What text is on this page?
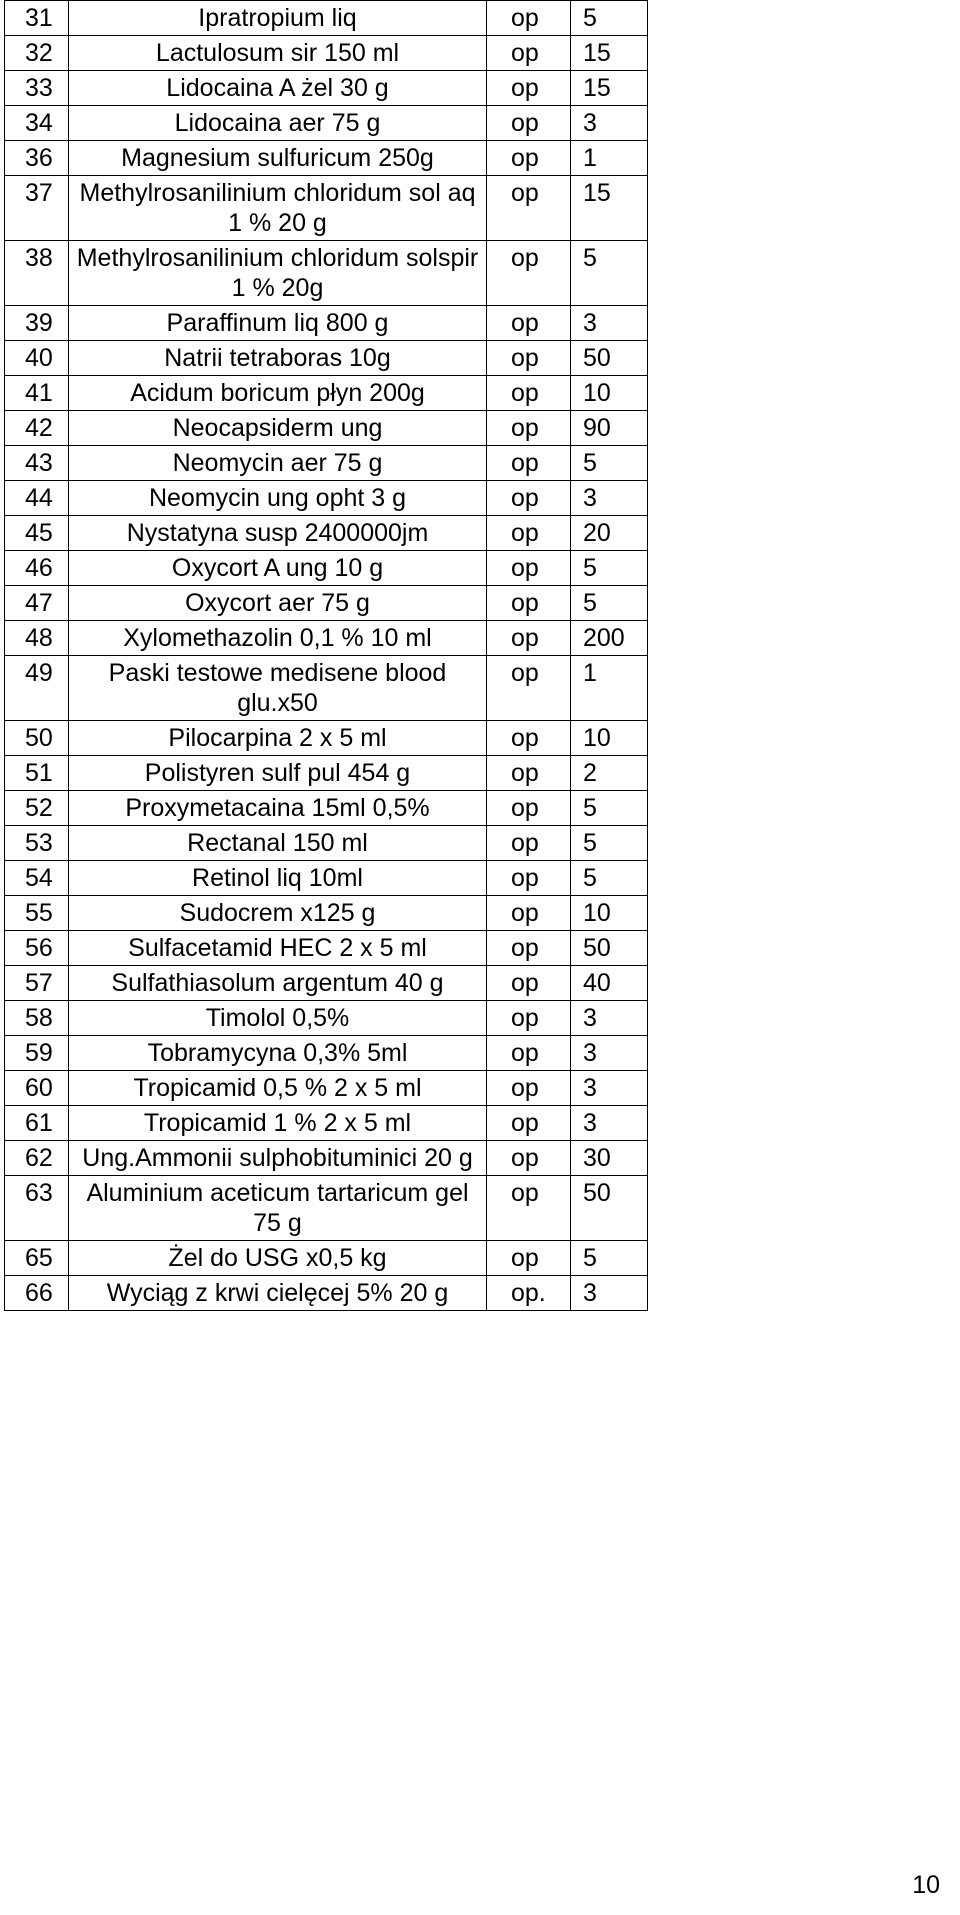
31	Ipratropium liq	op	5
32	Lactulosum sir 150 ml	op	15
33	Lidocaina A żel 30 g	op	15
34	Lidocaina aer 75 g	op	3
36	Magnesium sulfuricum 250g	op	1
37	Methylrosanilinium chloridum sol aq 1 % 20 g	op	15
38	Methylrosanilinium chloridum solspir 1 % 20g	op	5
39	Paraffinum liq 800 g	op	3
40	Natrii tetraboras 10g	op	50
41	Acidum boricum płyn 200g	op	10
42	Neocapsiderm ung	op	90
43	Neomycin aer 75 g	op	5
44	Neomycin ung opht 3 g	op	3
45	Nystatyna susp 2400000jm	op	20
46	Oxycort A ung 10 g	op	5
47	Oxycort aer 75 g	op	5
48	Xylomethazolin 0,1 % 10 ml	op	200
49	Paski testowe medisene blood glu.x50	op	1
50	Pilocarpina 2 x 5 ml	op	10
51	Polistyren sulf pul 454 g	op	2
52	Proxymetacaina 15ml 0,5%	op	5
53	Rectanal 150 ml	op	5
54	Retinol liq 10ml	op	5
55	Sudocrem x125 g	op	10
56	Sulfacetamid HEC 2 x 5 ml	op	50
57	Sulfathiasolum argentum 40 g	op	40
58	Timolol 0,5%	op	3
59	Tobramycyna 0,3% 5ml	op	3
60	Tropicamid 0,5 % 2 x 5 ml	op	3
61	Tropicamid 1 % 2 x 5 ml	op	3
62	Ung.Ammonii sulphobituminici 20 g	op	30
63	Aluminium aceticum tartaricum gel 75 g	op	50
65	Żel do USG x0,5 kg	op	5
66	Wyciąg z krwi cielęcej 5% 20 g	op.	3
10
